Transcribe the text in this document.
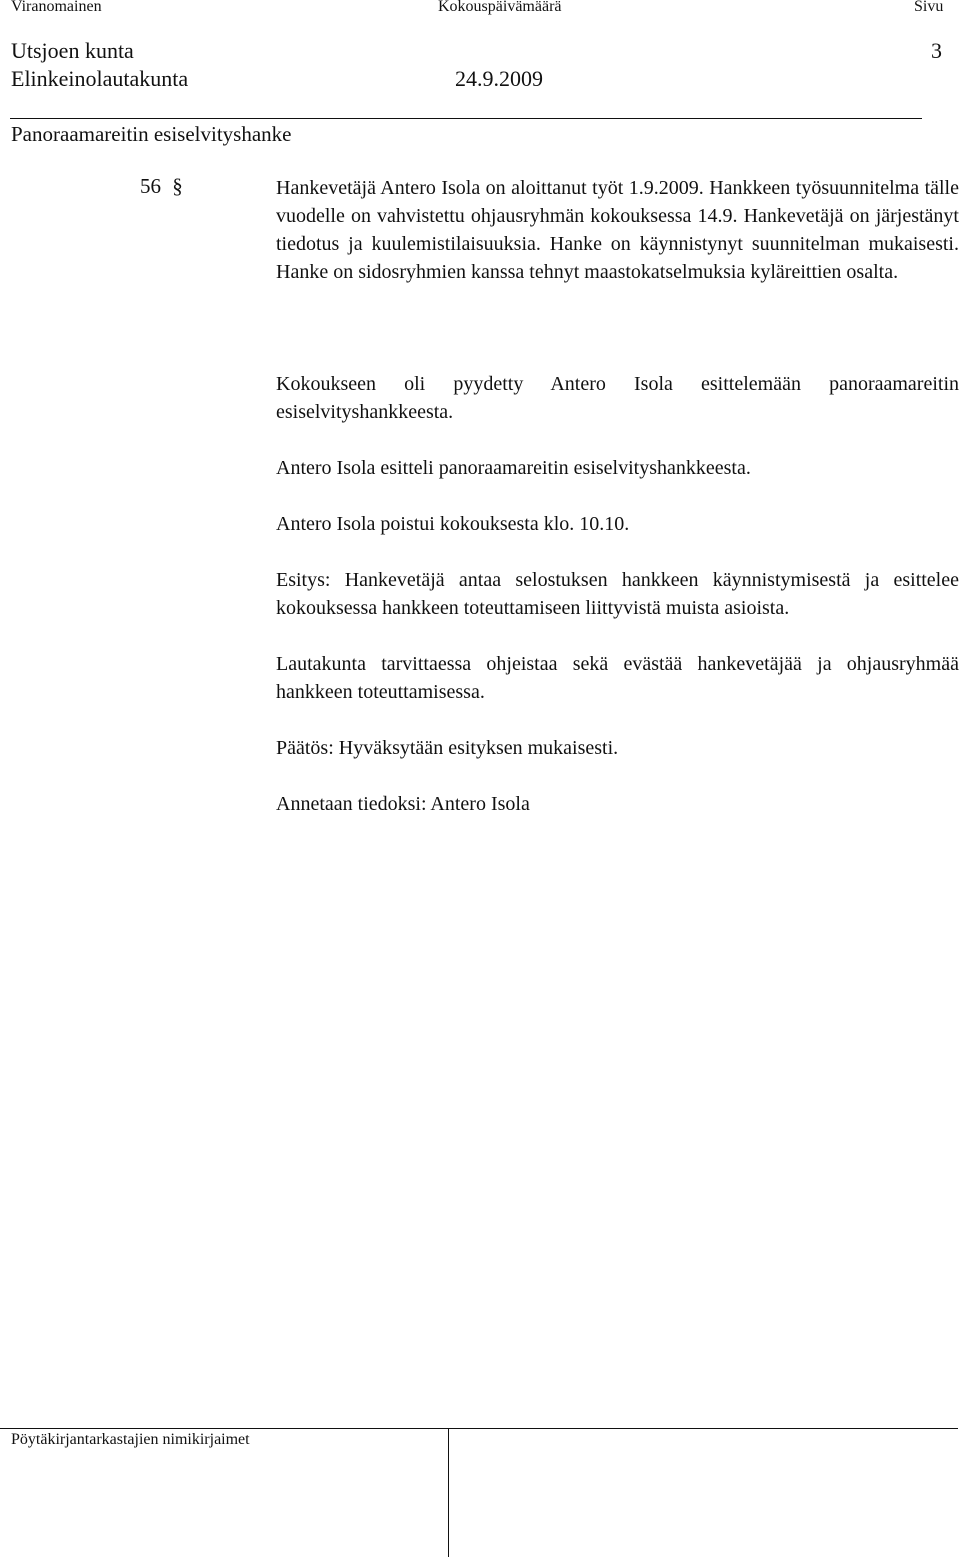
Viranomainen	Kokouspäivämäärä	Sivu
Utsjoen kunta	3
Elinkeinolautakunta	24.9.2009
Panoraamareitin esiselvityshanke
56 §	Hankevetäjä Antero Isola on aloittanut työt 1.9.2009. Hankkeen työsuunnitelma tälle vuodelle on vahvistettu ohjausryhmän kokouksessa 14.9. Hankevetäjä on järjestänyt tiedotus ja kuulemistilaisuuksia. Hanke on käynnistynyt suunnitelman mukaisesti. Hanke on sidosryhmien kanssa tehnyt maastokatselmuksia kyläreittien osalta.

Kokoukseen oli pyydetty Antero Isola esittelemään panoraamareitin esiselvityshankkeesta.

Antero Isola esitteli panoraamareitin esiselvityshankkeesta.

Antero Isola poistui kokouksesta klo. 10.10.

Esitys: Hankevetäjä antaa selostuksen hankkeen käynnistymisestä ja esittelee kokouksessa hankkeen toteuttamiseen liittyvistä muista asioista.

Lautakunta tarvittaessa ohjeistaa sekä evästää hankevetäjää ja ohjausryhmää hankkeen toteuttamisessa.

Päätös: Hyväksytään esityksen mukaisesti.

Annetaan tiedoksi: Antero Isola

Pöytäkirjantarkastajien nimikirjaimet
